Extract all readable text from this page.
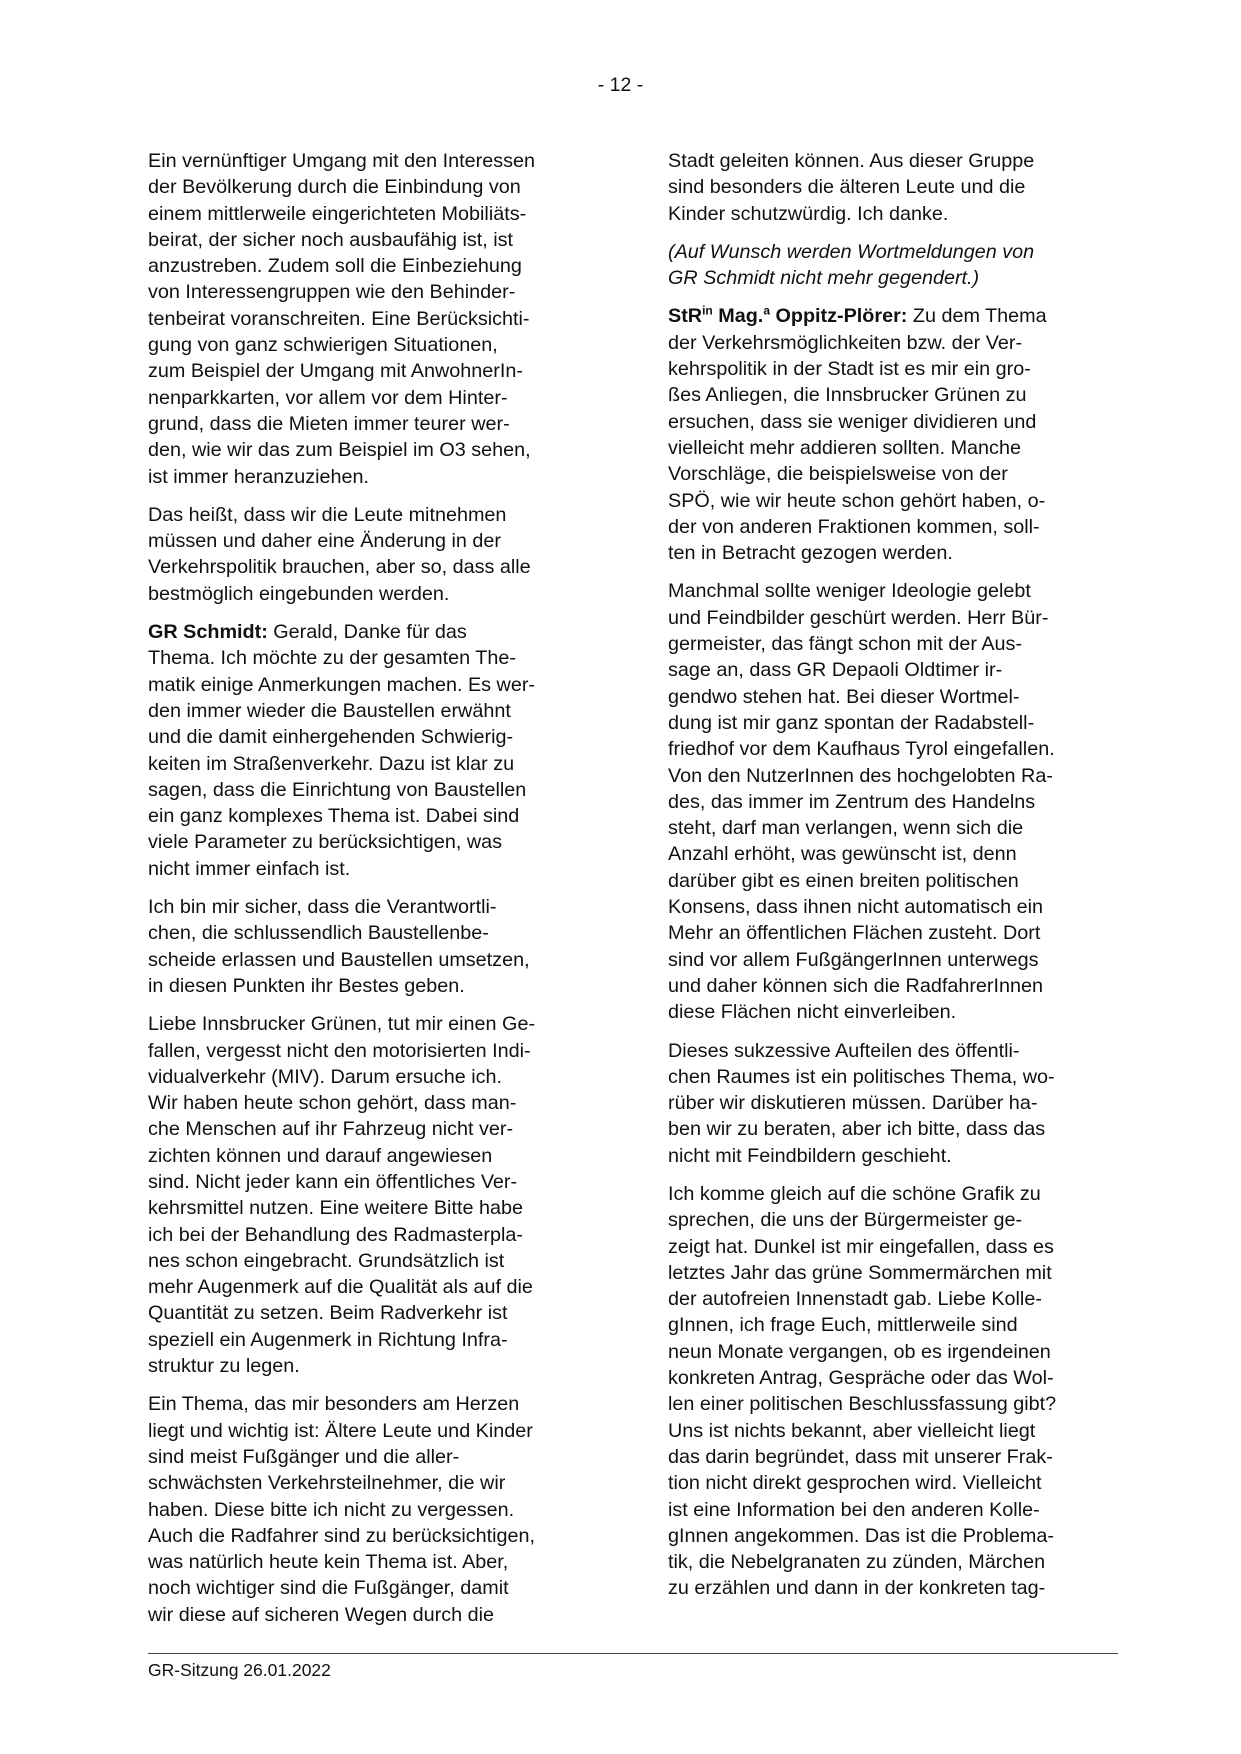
- 12 -

Ein vernünftiger Umgang mit den Interessen
der Bevölkerung durch die Einbindung von
einem mittlerweile eingerichteten Mobiliäts-
beirat, der sicher noch ausbaufähig ist, ist
anzustreben. Zudem soll die Einbeziehung
von Interessengruppen wie den Behinder-
tenbeirat voranschreiten. Eine Berücksichti-
gung von ganz schwierigen Situationen,
zum Beispiel der Umgang mit AnwohnerIn-
nenparkkarten, vor allem vor dem Hinter-
grund, dass die Mieten immer teurer wer-
den, wie wir das zum Beispiel im O3 sehen,
ist immer heranzuziehen.

Das heißt, dass wir die Leute mitnehmen
müssen und daher eine Änderung in der
Verkehrspolitik brauchen, aber so, dass alle
bestmöglich eingebunden werden.

GR Schmidt: Gerald, Danke für das
Thema. Ich möchte zu der gesamten The-
matik einige Anmerkungen machen. Es wer-
den immer wieder die Baustellen erwähnt
und die damit einhergehenden Schwierig-
keiten im Straßenverkehr. Dazu ist klar zu
sagen, dass die Einrichtung von Baustellen
ein ganz komplexes Thema ist. Dabei sind
viele Parameter zu berücksichtigen, was
nicht immer einfach ist.

Ich bin mir sicher, dass die Verantwortli-
chen, die schlussendlich Baustellenbe-
scheide erlassen und Baustellen umsetzen,
in diesen Punkten ihr Bestes geben.

Liebe Innsbrucker Grünen, tut mir einen Ge-
fallen, vergesst nicht den motorisierten Indi-
vidualverkehr (MIV). Darum ersuche ich.
Wir haben heute schon gehört, dass man-
che Menschen auf ihr Fahrzeug nicht ver-
zichten können und darauf angewiesen
sind. Nicht jeder kann ein öffentliches Ver-
kehrsmittel nutzen. Eine weitere Bitte habe
ich bei der Behandlung des Radmasterpla-
nes schon eingebracht. Grundsätzlich ist
mehr Augenmerk auf die Qualität als auf die
Quantität zu setzen. Beim Radverkehr ist
speziell ein Augenmerk in Richtung Infra-
struktur zu legen.

Ein Thema, das mir besonders am Herzen
liegt und wichtig ist: Ältere Leute und Kinder
sind meist Fußgänger und die aller-
schwächsten Verkehrsteilnehmer, die wir
haben. Diese bitte ich nicht zu vergessen.
Auch die Radfahrer sind zu berücksichtigen,
was natürlich heute kein Thema ist. Aber,
noch wichtiger sind die Fußgänger, damit
wir diese auf sicheren Wegen durch die

Stadt geleiten können. Aus dieser Gruppe
sind besonders die älteren Leute und die
Kinder schutzwürdig. Ich danke.

(Auf Wunsch werden Wortmeldungen von
GR Schmidt nicht mehr gegendert.)

StR$^{in}$ Mag.$^a$ Oppitz-Plörer: Zu dem Thema
der Verkehrsmöglichkeiten bzw. der Ver-
kehrspolitik in der Stadt ist es mir ein gro-
ßes Anliegen, die Innsbrucker Grünen zu
ersuchen, dass sie weniger dividieren und
vielleicht mehr addieren sollten. Manche
Vorschläge, die beispielsweise von der
SPÖ, wie wir heute schon gehört haben, o-
der von anderen Fraktionen kommen, soll-
ten in Betracht gezogen werden.

Manchmal sollte weniger Ideologie gelebt
und Feindbilder geschürt werden. Herr Bür-
germeister, das fängt schon mit der Aus-
sage an, dass GR Depaoli Oldtimer ir-
gendwo stehen hat. Bei dieser Wortmel-
dung ist mir ganz spontan der Radabstell-
friedhof vor dem Kaufhaus Tyrol eingefallen.
Von den NutzerInnen des hochgelobten Ra-
des, das immer im Zentrum des Handelns
steht, darf man verlangen, wenn sich die
Anzahl erhöht, was gewünscht ist, denn
darüber gibt es einen breiten politischen
Konsens, dass ihnen nicht automatisch ein
Mehr an öffentlichen Flächen zusteht. Dort
sind vor allem FußgängerInnen unterwegs
und daher können sich die RadfahrerInnen
diese Flächen nicht einverleiben.

Dieses sukzessive Aufteilen des öffentli-
chen Raumes ist ein politisches Thema, wo-
rüber wir diskutieren müssen. Darüber ha-
ben wir zu beraten, aber ich bitte, dass das
nicht mit Feindbildern geschieht.

Ich komme gleich auf die schöne Grafik zu
sprechen, die uns der Bürgermeister ge-
zeigt hat. Dunkel ist mir eingefallen, dass es
letztes Jahr das grüne Sommermärchen mit
der autofreien Innenstadt gab. Liebe Kolle-
gInnen, ich frage Euch, mittlerweile sind
neun Monate vergangen, ob es irgendeinen
konkreten Antrag, Gespräche oder das Wol-
len einer politischen Beschlussfassung gibt?
Uns ist nichts bekannt, aber vielleicht liegt
das darin begründet, dass mit unserer Frak-
tion nicht direkt gesprochen wird. Vielleicht
ist eine Information bei den anderen Kolle-
gInnen angekommen. Das ist die Problema-
tik, die Nebelgranaten zu zünden, Märchen
zu erzählen und dann in der konkreten tag-

GR-Sitzung 26.01.2022
